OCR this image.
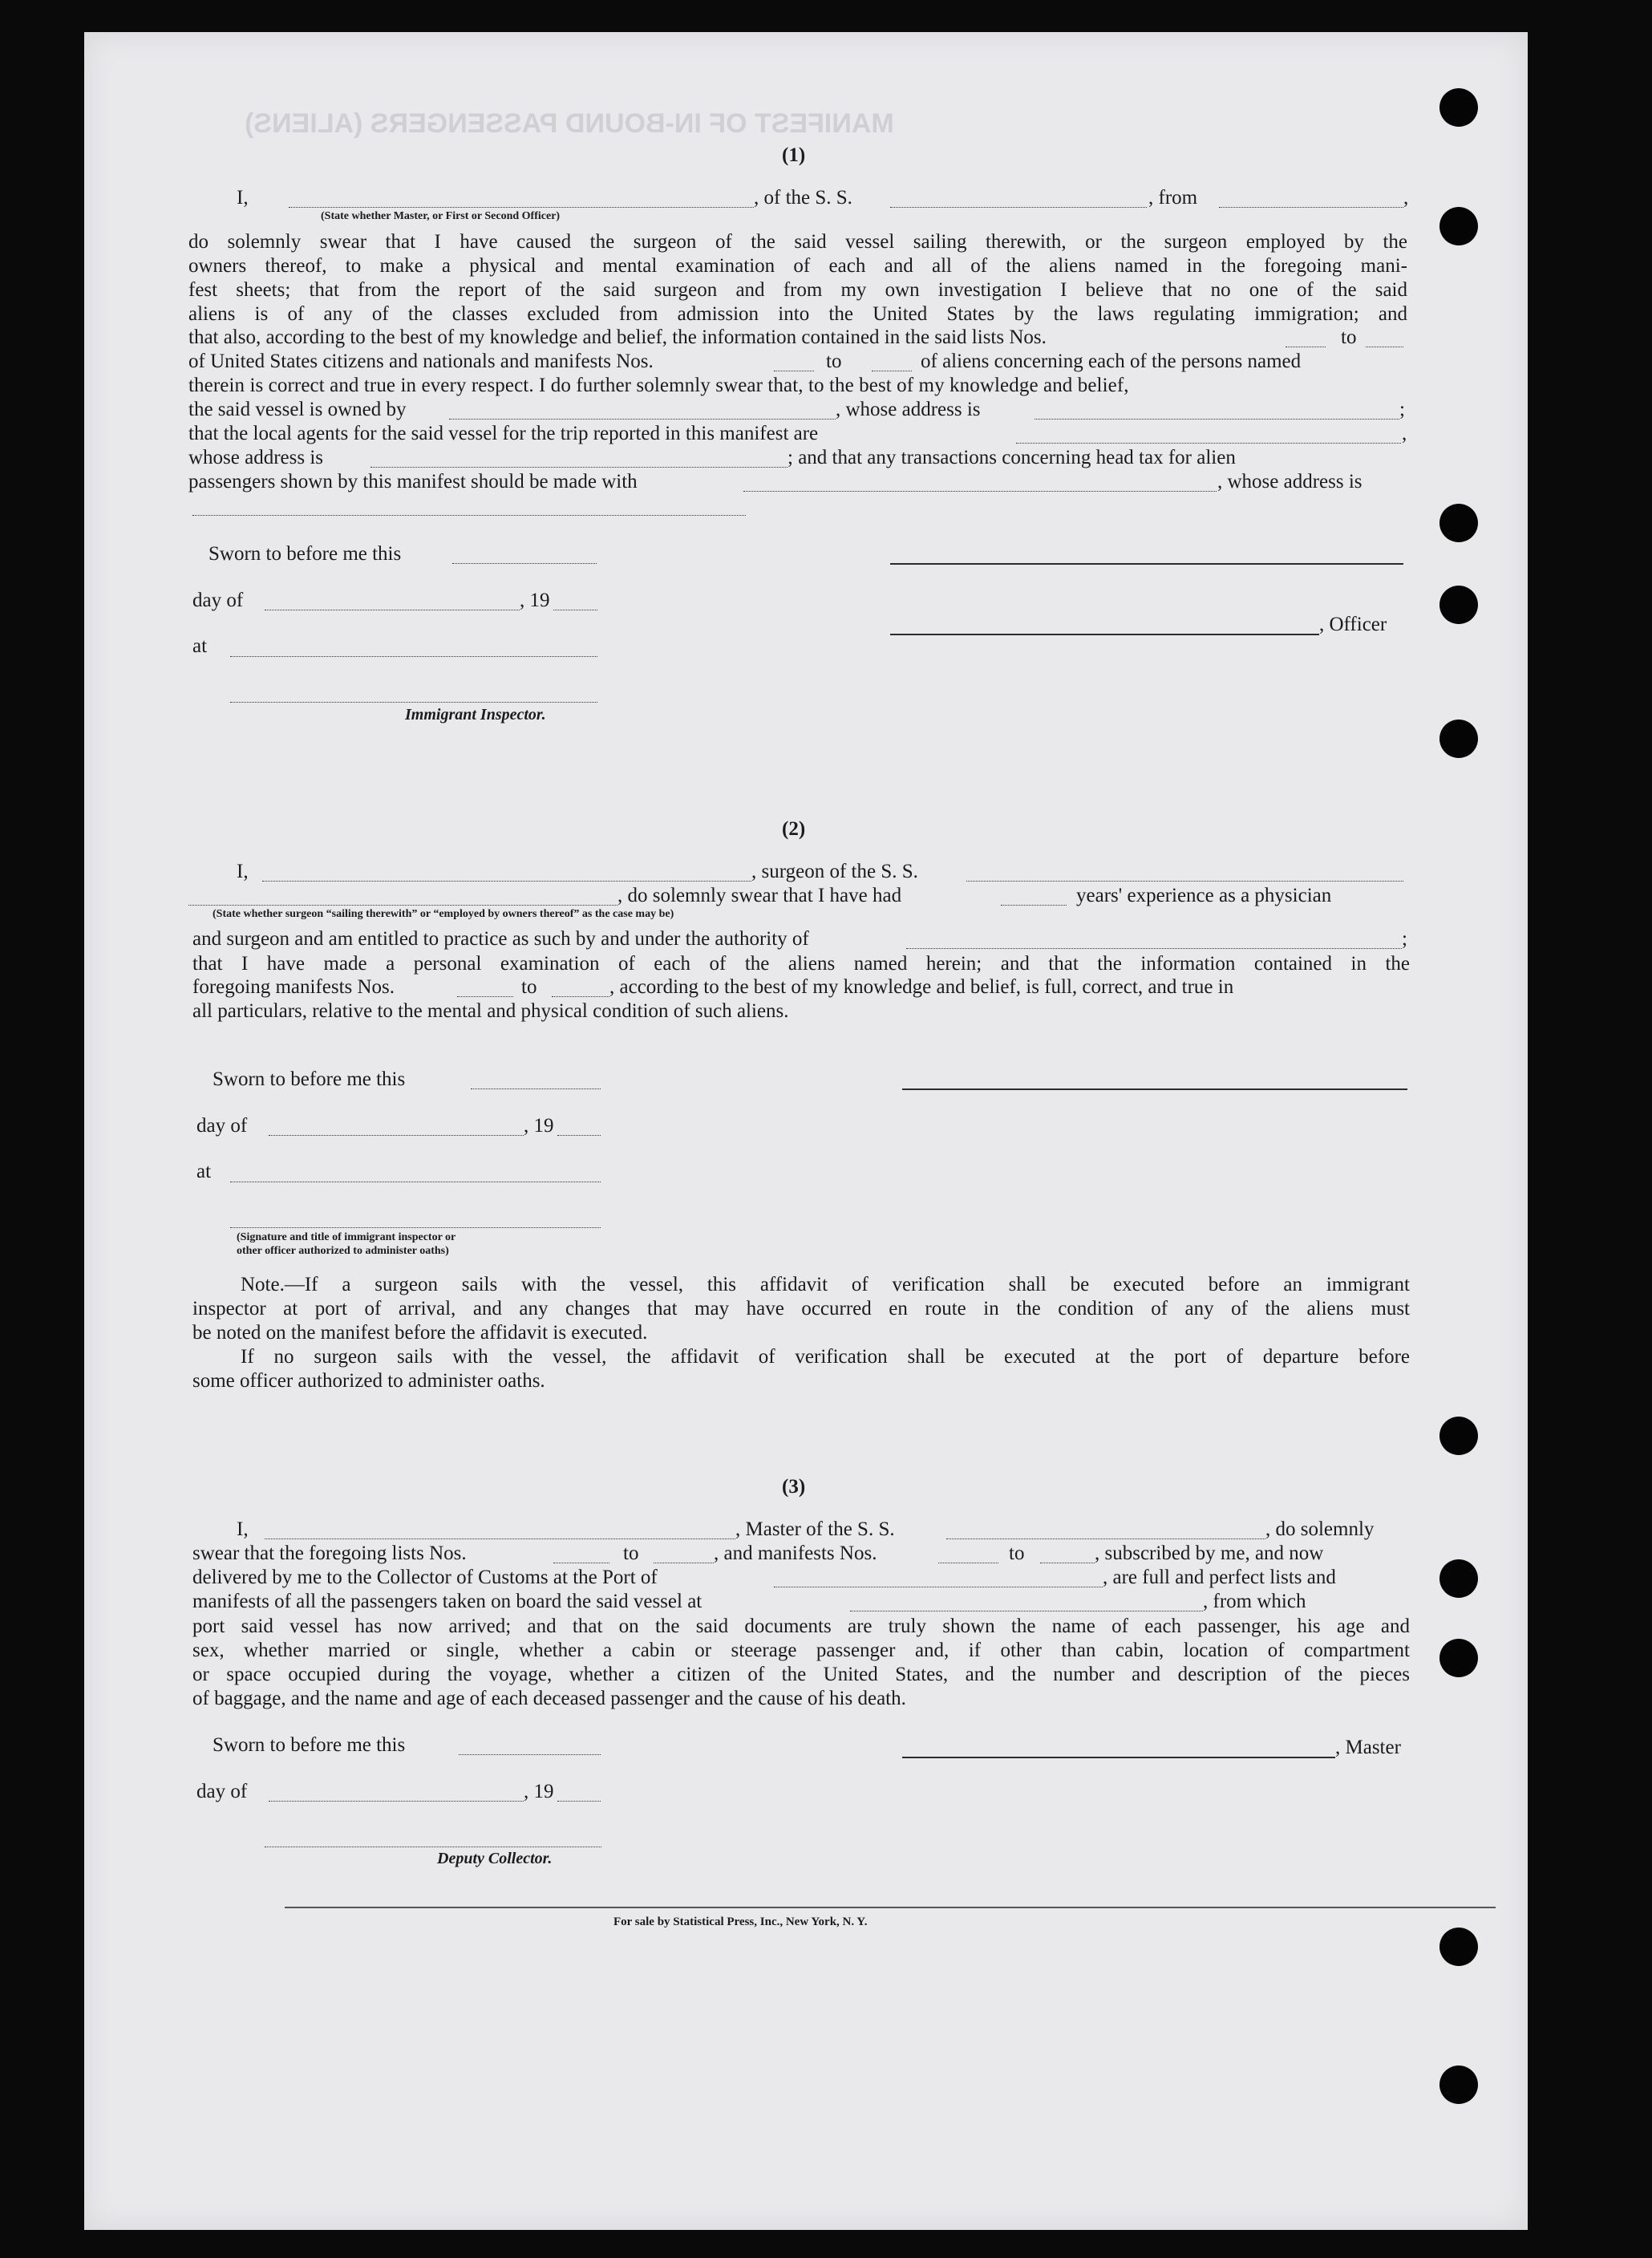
MANIFEST OF IN-BOUND PASSENGERS (ALIENS)
(1)
I,	, of the S. S.	, from	,
(State whether Master, or First or Second Officer)
do solemnly swear that I have caused the surgeon of the said vessel sailing therewith, or the surgeon employed by the
owners thereof, to make a physical and mental examination of each and all of the aliens named in the foregoing mani-
fest sheets; that from the report of the said surgeon and from my own investigation I believe that no one of the said
aliens is of any of the classes excluded from admission into the United States by the laws regulating immigration; and
that also, according to the best of my knowledge and belief, the information contained in the said lists Nos.	to
of United States citizens and nationals and manifests Nos.	to	of aliens concerning each of the persons named
therein is correct and true in every respect. I do further solemnly swear that, to the best of my knowledge and belief,
the said vessel is owned by	, whose address is	;
that the local agents for the said vessel for the trip reported in this manifest are	,
whose address is	; and that any transactions concerning head tax for alien
passengers shown by this manifest should be made with	, whose address is
Sworn to before me this
day of	, 19
, Officer
at
Immigrant Inspector.
(2)
I,	, surgeon of the S. S.
, do solemnly swear that I have had	years' experience as a physician
(State whether surgeon “sailing therewith” or “employed by owners thereof” as the case may be)
and surgeon and am entitled to practice as such by and under the authority of	;
that I have made a personal examination of each of the aliens named herein; and that the information contained in the
foregoing manifests Nos.	to	, according to the best of my knowledge and belief, is full, correct, and true in
all particulars, relative to the mental and physical condition of such aliens.
Sworn to before me this
day of	, 19
at
(Signature and title of immigrant inspector or
other officer authorized to administer oaths)
Note.—If a surgeon sails with the vessel, this affidavit of verification shall be executed before an immigrant
inspector at port of arrival, and any changes that may have occurred en route in the condition of any of the aliens must
be noted on the manifest before the affidavit is executed.
If no surgeon sails with the vessel, the affidavit of verification shall be executed at the port of departure before
some officer authorized to administer oaths.
(3)
I,	, Master of the S. S.	, do solemnly
swear that the foregoing lists Nos.	to	, and manifests Nos.	to	, subscribed by me, and now
delivered by me to the Collector of Customs at the Port of	, are full and perfect lists and
manifests of all the passengers taken on board the said vessel at	, from which
port said vessel has now arrived; and that on the said documents are truly shown the name of each passenger, his age and
sex, whether married or single, whether a cabin or steerage passenger and, if other than cabin, location of compartment
or space occupied during the voyage, whether a citizen of the United States, and the number and description of the pieces
of baggage, and the name and age of each deceased passenger and the cause of his death.
Sworn to before me this	, Master
day of	, 19
Deputy Collector.
For sale by Statistical Press, Inc., New York, N. Y.
